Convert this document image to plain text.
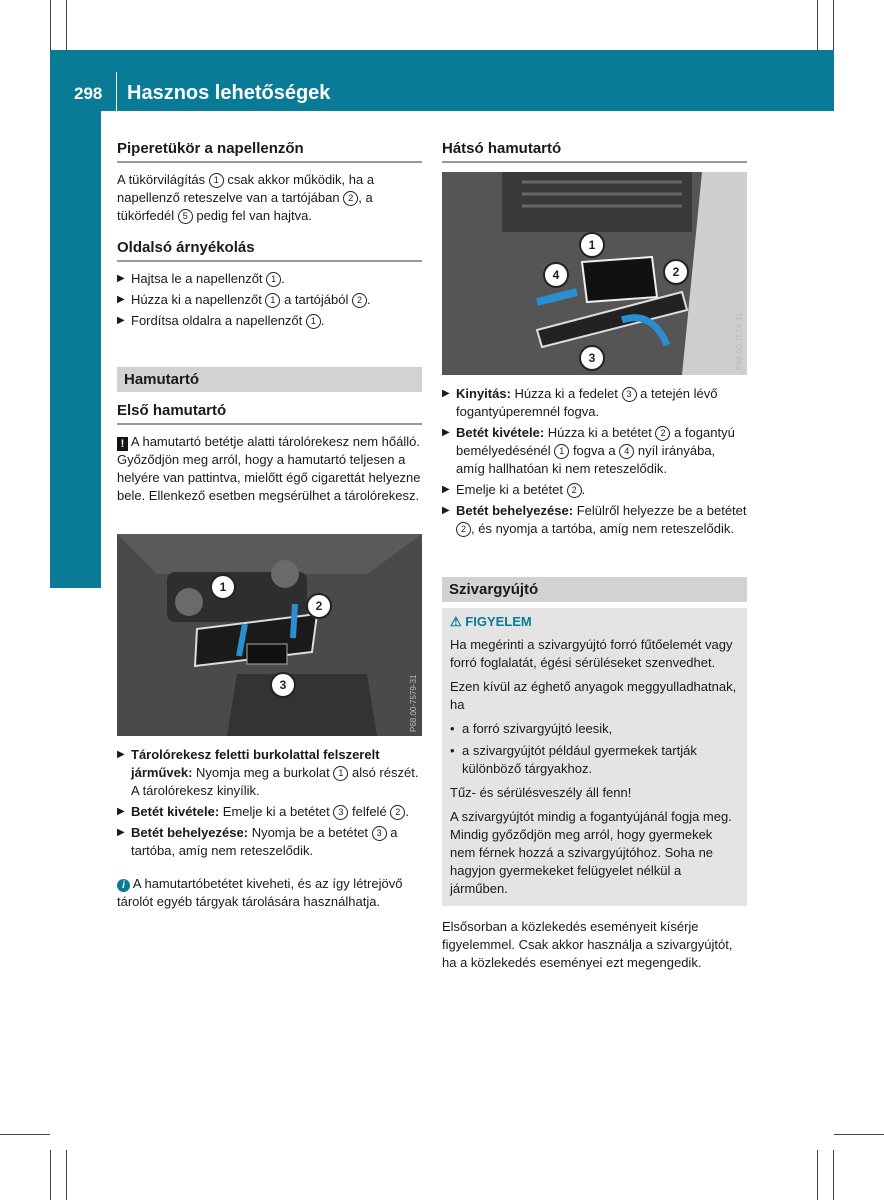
298 Hasznos lehetőségek
Tárolás és hasznos tudnivalók
Piperetükör a napellenzőn

A tükörvilágítás 1 csak akkor működik, ha a napellenző reteszelve van a tartójában 2 , a tükörfedél 5 pedig fel van hajtva.

Oldalsó árnyékolás
▶ Hajtsa le a napellenzőt 1 .
▶ Húzza ki a napellenzőt 1 a tartójából 2 .
▶ Fordítsa oldalra a napellenzőt 1 .
Hamutartó
Első hamutartó

! A hamutartó betétje alatti tárolórekesz nem hőálló. Győződjön meg arról, hogy a hamutartó teljesen a helyére van pattintva, mielőtt égő cigarettát helyezne bele. Ellenkező esetben megsérülhet a tárolórekesz.

1
2
3	P68.00-7579-31
▶ Tárolórekesz feletti burkolattal felszerelt járművek: Nyomja meg a burkolat 1 alsó részét.
A tárolórekesz kinyílik.
▶ Betét kivétele: Emelje ki a betétet 3 felfelé 2 .
▶ Betét behelyezése: Nyomja be a betétet 3 a tartóba, amíg nem reteszelődik.

i A hamutartóbetétet kiveheti, és az így létrejövő tárolót egyéb tárgyak tárolására használhatja.

Hátsó hamutartó
1
2
4
3	P68.00-7574-31
▶ Kinyitás: Húzza ki a fedelet 3 a tetején lévő fogantyúperemnél fogva.
▶ Betét kivétele: Húzza ki a betétet 2 a fogantyú bemélyedésénél 1 fogva a 4 nyíl irányába, amíg hallhatóan ki nem reteszelődik.
▶ Emelje ki a betétet 2 .
▶ Betét behelyezése: Felülről helyezze be a betétet 2 , és nyomja a tartóba, amíg nem reteszelődik.
Szivargyújtó
⚠ FIGYELEM

Ha megérinti a szivargyújtó forró fűtőelemét vagy forró foglalatát, égési sérüléseket szenvedhet.

Ezen kívül az éghető anyagok meggyulladhatnak, ha

• a forró szivargyújtó leesik,
• a szivargyújtót például gyermekek tartják különböző tárgyakhoz.

Tűz- és sérülésveszély áll fenn!

A szivargyújtót mindig a fogantyújánál fogja meg. Mindig győződjön meg arról, hogy gyermekek nem férnek hozzá a szivargyújtóhoz. Soha ne hagyjon gyermekeket felügyelet nélkül a járműben.

Elsősorban a közlekedés eseményeit kísérje figyelemmel. Csak akkor használja a szivargyújtót, ha a közlekedés eseményei ezt megengedik.
